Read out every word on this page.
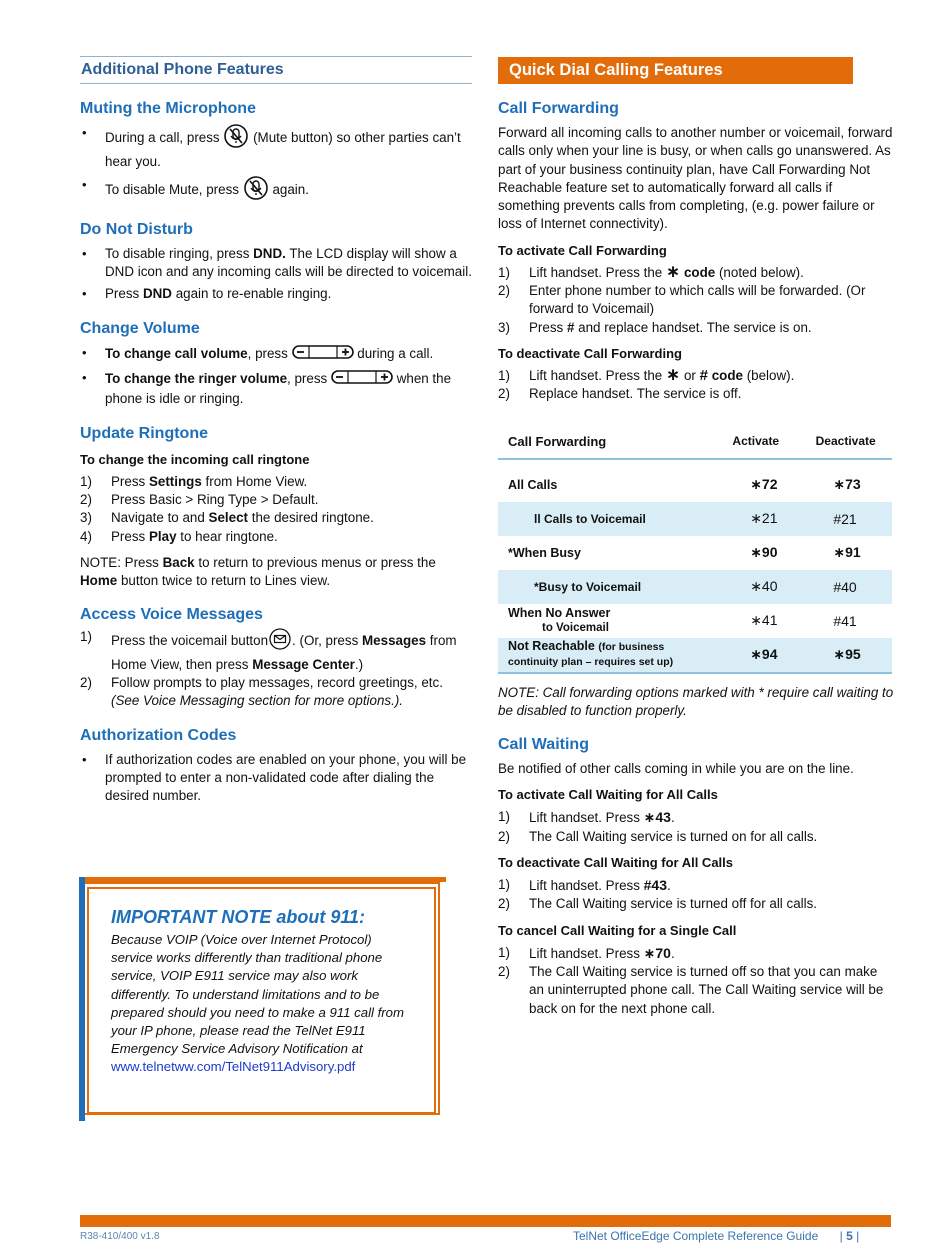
Additional Phone Features
Muting the Microphone
• During a call, press (Mute button) so other parties can’t hear you.
• To disable Mute, press again.
Do Not Disturb
• To disable ringing, press DND. The LCD display will show a DND icon and any incoming calls will be directed to voicemail.
• Press DND again to re-enable ringing.
Change Volume
• To change call volume, press	during a call.
• To change the ringer volume, press	when the phone is idle or ringing.
Update Ringtone
To change the incoming call ringtone
1) Press Settings from Home View.
2) Press Basic > Ring Type > Default.
3) Navigate to and Select the desired ringtone.
4) Press Play to hear ringtone.

NOTE: Press Back to return to previous menus or press the Home button twice to return to Lines view.

Access Voice Messages
1) Press the voicemail button . (Or, press Messages from Home View, then press Message Center.)
2) Follow prompts to play messages, record greetings, etc. (See Voice Messaging section for more options.).
Authorization Codes
• If authorization codes are enabled on your phone, you will be prompted to enter a non-validated code after dialing the desired number.
IMPORTANT NOTE about 911:

Because VOIP (Voice over Internet Protocol) service works differently than traditional phone service, VOIP E911 service may also work differently. To understand limitations and to be prepared should you need to make a 911 call from your IP phone, please read the TelNet E911 Emergency Service Advisory Notification at www.telnetww.com/TelNet911Advisory.pdf

Quick Dial Calling Features
Call Forwarding

Forward all incoming calls to another number or voicemail, forward calls only when your line is busy, or when calls go unanswered. As part of your business continuity plan, have Call Forwarding Not Reachable feature set to automatically forward all calls if something prevents calls from completing, (e.g. power failure or loss of Internet connectivity).

To activate Call Forwarding
1) Lift handset. Press the ∗ code (noted below).
2) Enter phone number to which calls will be forwarded. (Or forward to Voicemail)
3) Press # and replace handset. The service is on.
To deactivate Call Forwarding
1) Lift handset. Press the ∗ or # code (below).
2) Replace handset. The service is off.
Call Forwarding	Activate	Deactivate

All Calls	∗72	∗73
ll Calls to Voicemail	∗21	#21
*When Busy	∗90	∗91
*Busy to Voicemail	∗40	#40

When No Answer
to Voicemail	∗41	#41

Not Reachable (for business
continuity plan – requires set up)	∗94	∗95

NOTE: Call forwarding options marked with * require call waiting to be disabled to function properly.

Call Waiting

Be notified of other calls coming in while you are on the line.

To activate Call Waiting for All Calls
1) Lift handset. Press ∗43.
2) The Call Waiting service is turned on for all calls.
To deactivate Call Waiting for All Calls
1) Lift handset. Press #43.
2) The Call Waiting service is turned off for all calls.
To cancel Call Waiting for a Single Call
1) Lift handset. Press ∗70.
2) The Call Waiting service is turned off so that you can make an uninterrupted phone call. The Call Waiting service will be back on for the next phone call.
R38-410/400 v1.8	TelNet OfficeEdge Complete Reference Guide | 5 |
